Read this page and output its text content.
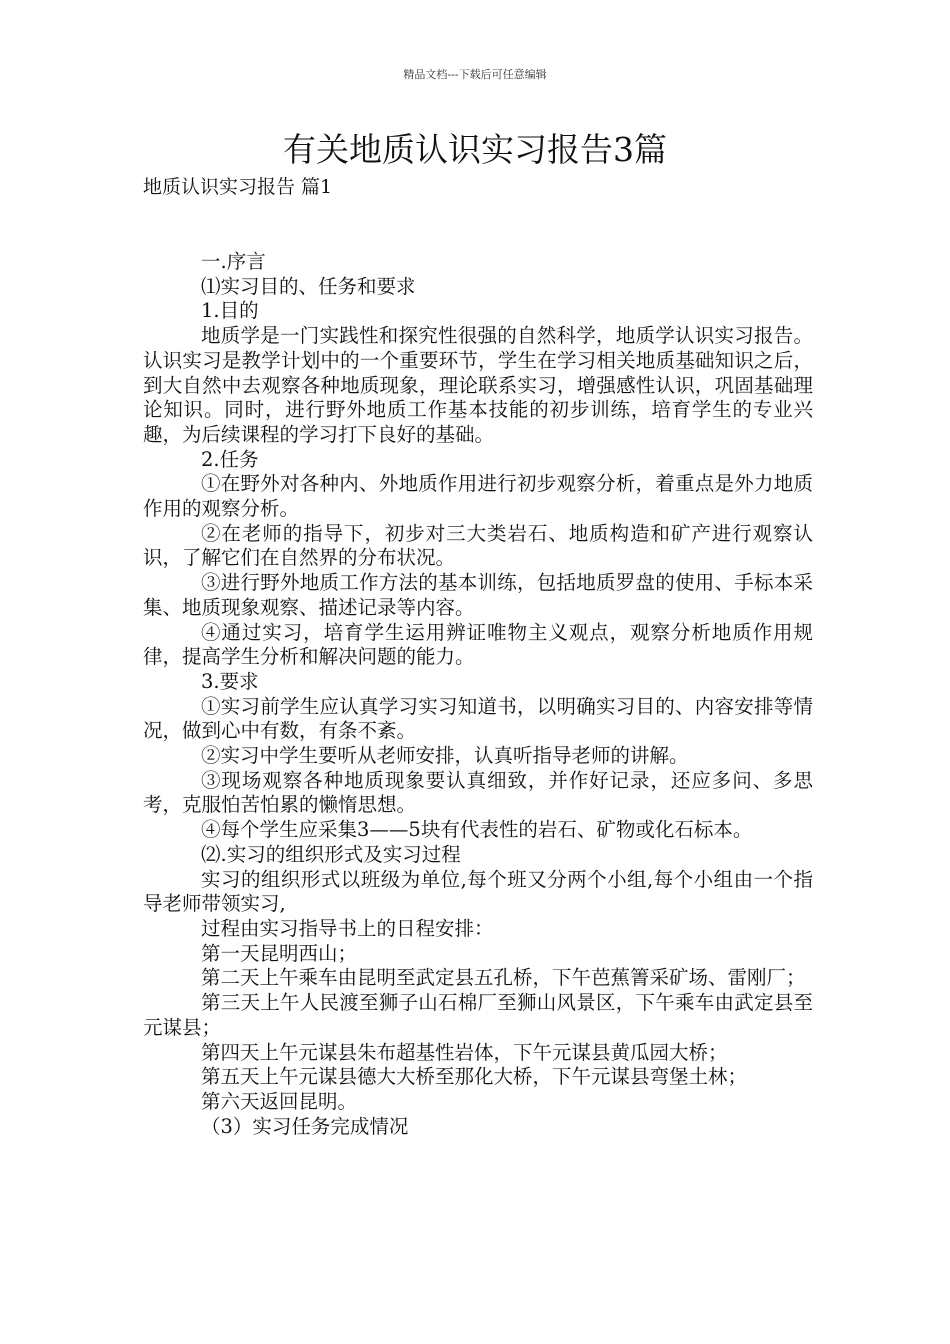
精品文档---下载后可任意编辑
有关地质认识实习报告3篇
地质认识实习报告 篇1

一.序言

⑴实习目的、任务和要求

1.目的

地质学是一门实践性和探究性很强的自然科学，地质学认识实习报告。认识实习是教学计划中的一个重要环节，学生在学习相关地质基础知识之后，到大自然中去观察各种地质现象，理论联系实习，增强感性认识，巩固基础理论知识。同时，进行野外地质工作基本技能的初步训练，培育学生的专业兴趣，为后续课程的学习打下良好的基础。

2.任务

①在野外对各种内、外地质作用进行初步观察分析，着重点是外力地质作用的观察分析。

②在老师的指导下，初步对三大类岩石、地质构造和矿产进行观察认识，了解它们在自然界的分布状况。

③进行野外地质工作方法的基本训练，包括地质罗盘的使用、手标本采集、地质现象观察、描述记录等内容。

④通过实习，培育学生运用辨证唯物主义观点，观察分析地质作用规律，提高学生分析和解决问题的能力。

3.要求

①实习前学生应认真学习实习知道书，以明确实习目的、内容安排等情况，做到心中有数，有条不紊。

②实习中学生要听从老师安排，认真听指导老师的讲解。

③现场观察各种地质现象要认真细致，并作好记录，还应多问、多思考，克服怕苦怕累的懒惰思想。

④每个学生应采集3——5块有代表性的岩石、矿物或化石标本。

⑵.实习的组织形式及实习过程

实习的组织形式以班级为单位,每个班又分两个小组,每个小组由一个指导老师带领实习,

过程由实习指导书上的日程安排：

第一天昆明西山；

第二天上午乘车由昆明至武定县五孔桥，下午芭蕉箐采矿场、雷刚厂；

第三天上午人民渡至狮子山石棉厂至狮山风景区，下午乘车由武定县至元谋县；

第四天上午元谋县朱布超基性岩体，下午元谋县黄瓜园大桥；

第五天上午元谋县德大大桥至那化大桥，下午元谋县弯堡土林；

第六天返回昆明。

（3）实习任务完成情况
